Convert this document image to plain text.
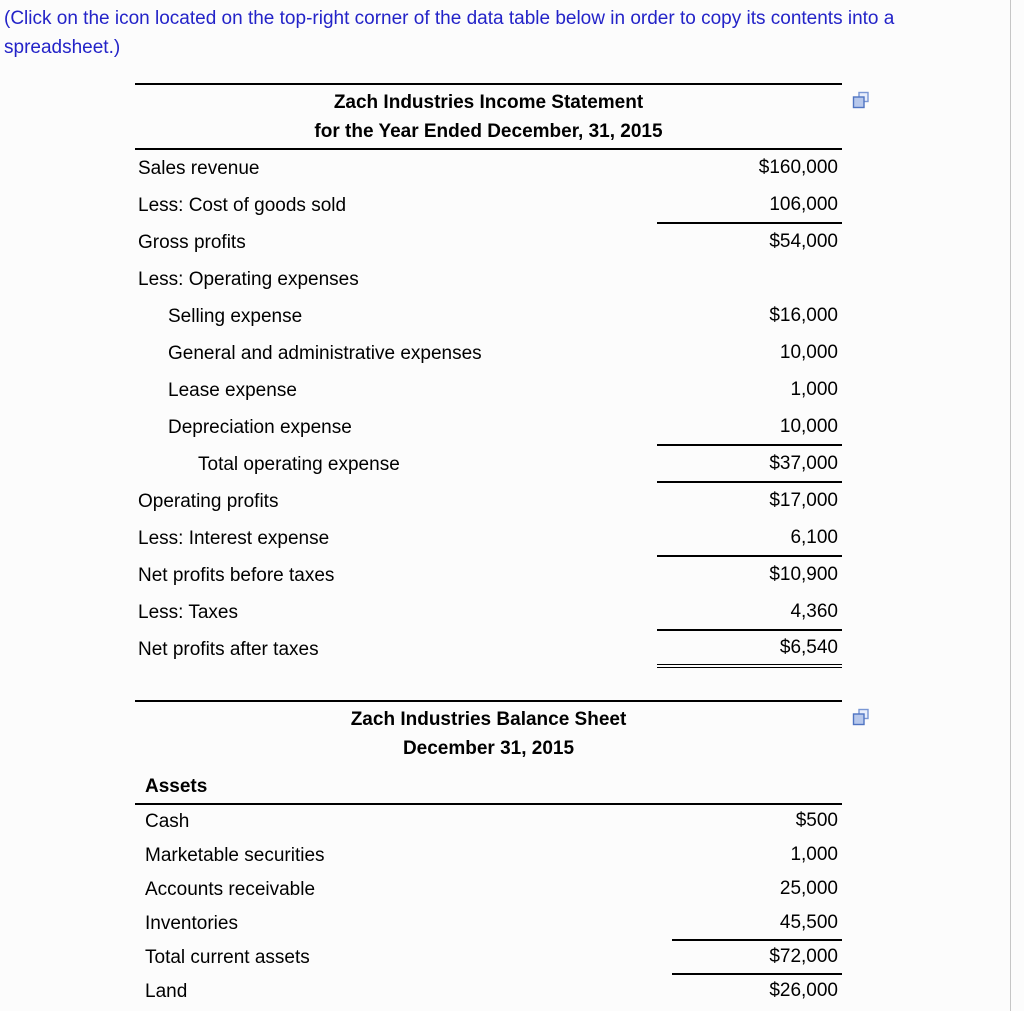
(Click on the icon located on the top-right corner of the data table below in order to copy its contents into a spreadsheet.)
Zach Industries Income Statement
for the Year Ended December, 31, 2015
Sales revenue	$160,000
Less: Cost of goods sold	106,000
Gross profits	$54,000
Less: Operating expenses
Selling expense	$16,000
General and administrative expenses	10,000
Lease expense	1,000
Depreciation expense	10,000
Total operating expense	$37,000
Operating profits	$17,000
Less: Interest expense	6,100
Net profits before taxes	$10,900
Less: Taxes	4,360
Net profits after taxes	$6,540
Zach Industries Balance Sheet
December 31, 2015
Assets
Cash	$500
Marketable securities	1,000
Accounts receivable	25,000
Inventories	45,500
Total current assets	$72,000
Land	$26,000
